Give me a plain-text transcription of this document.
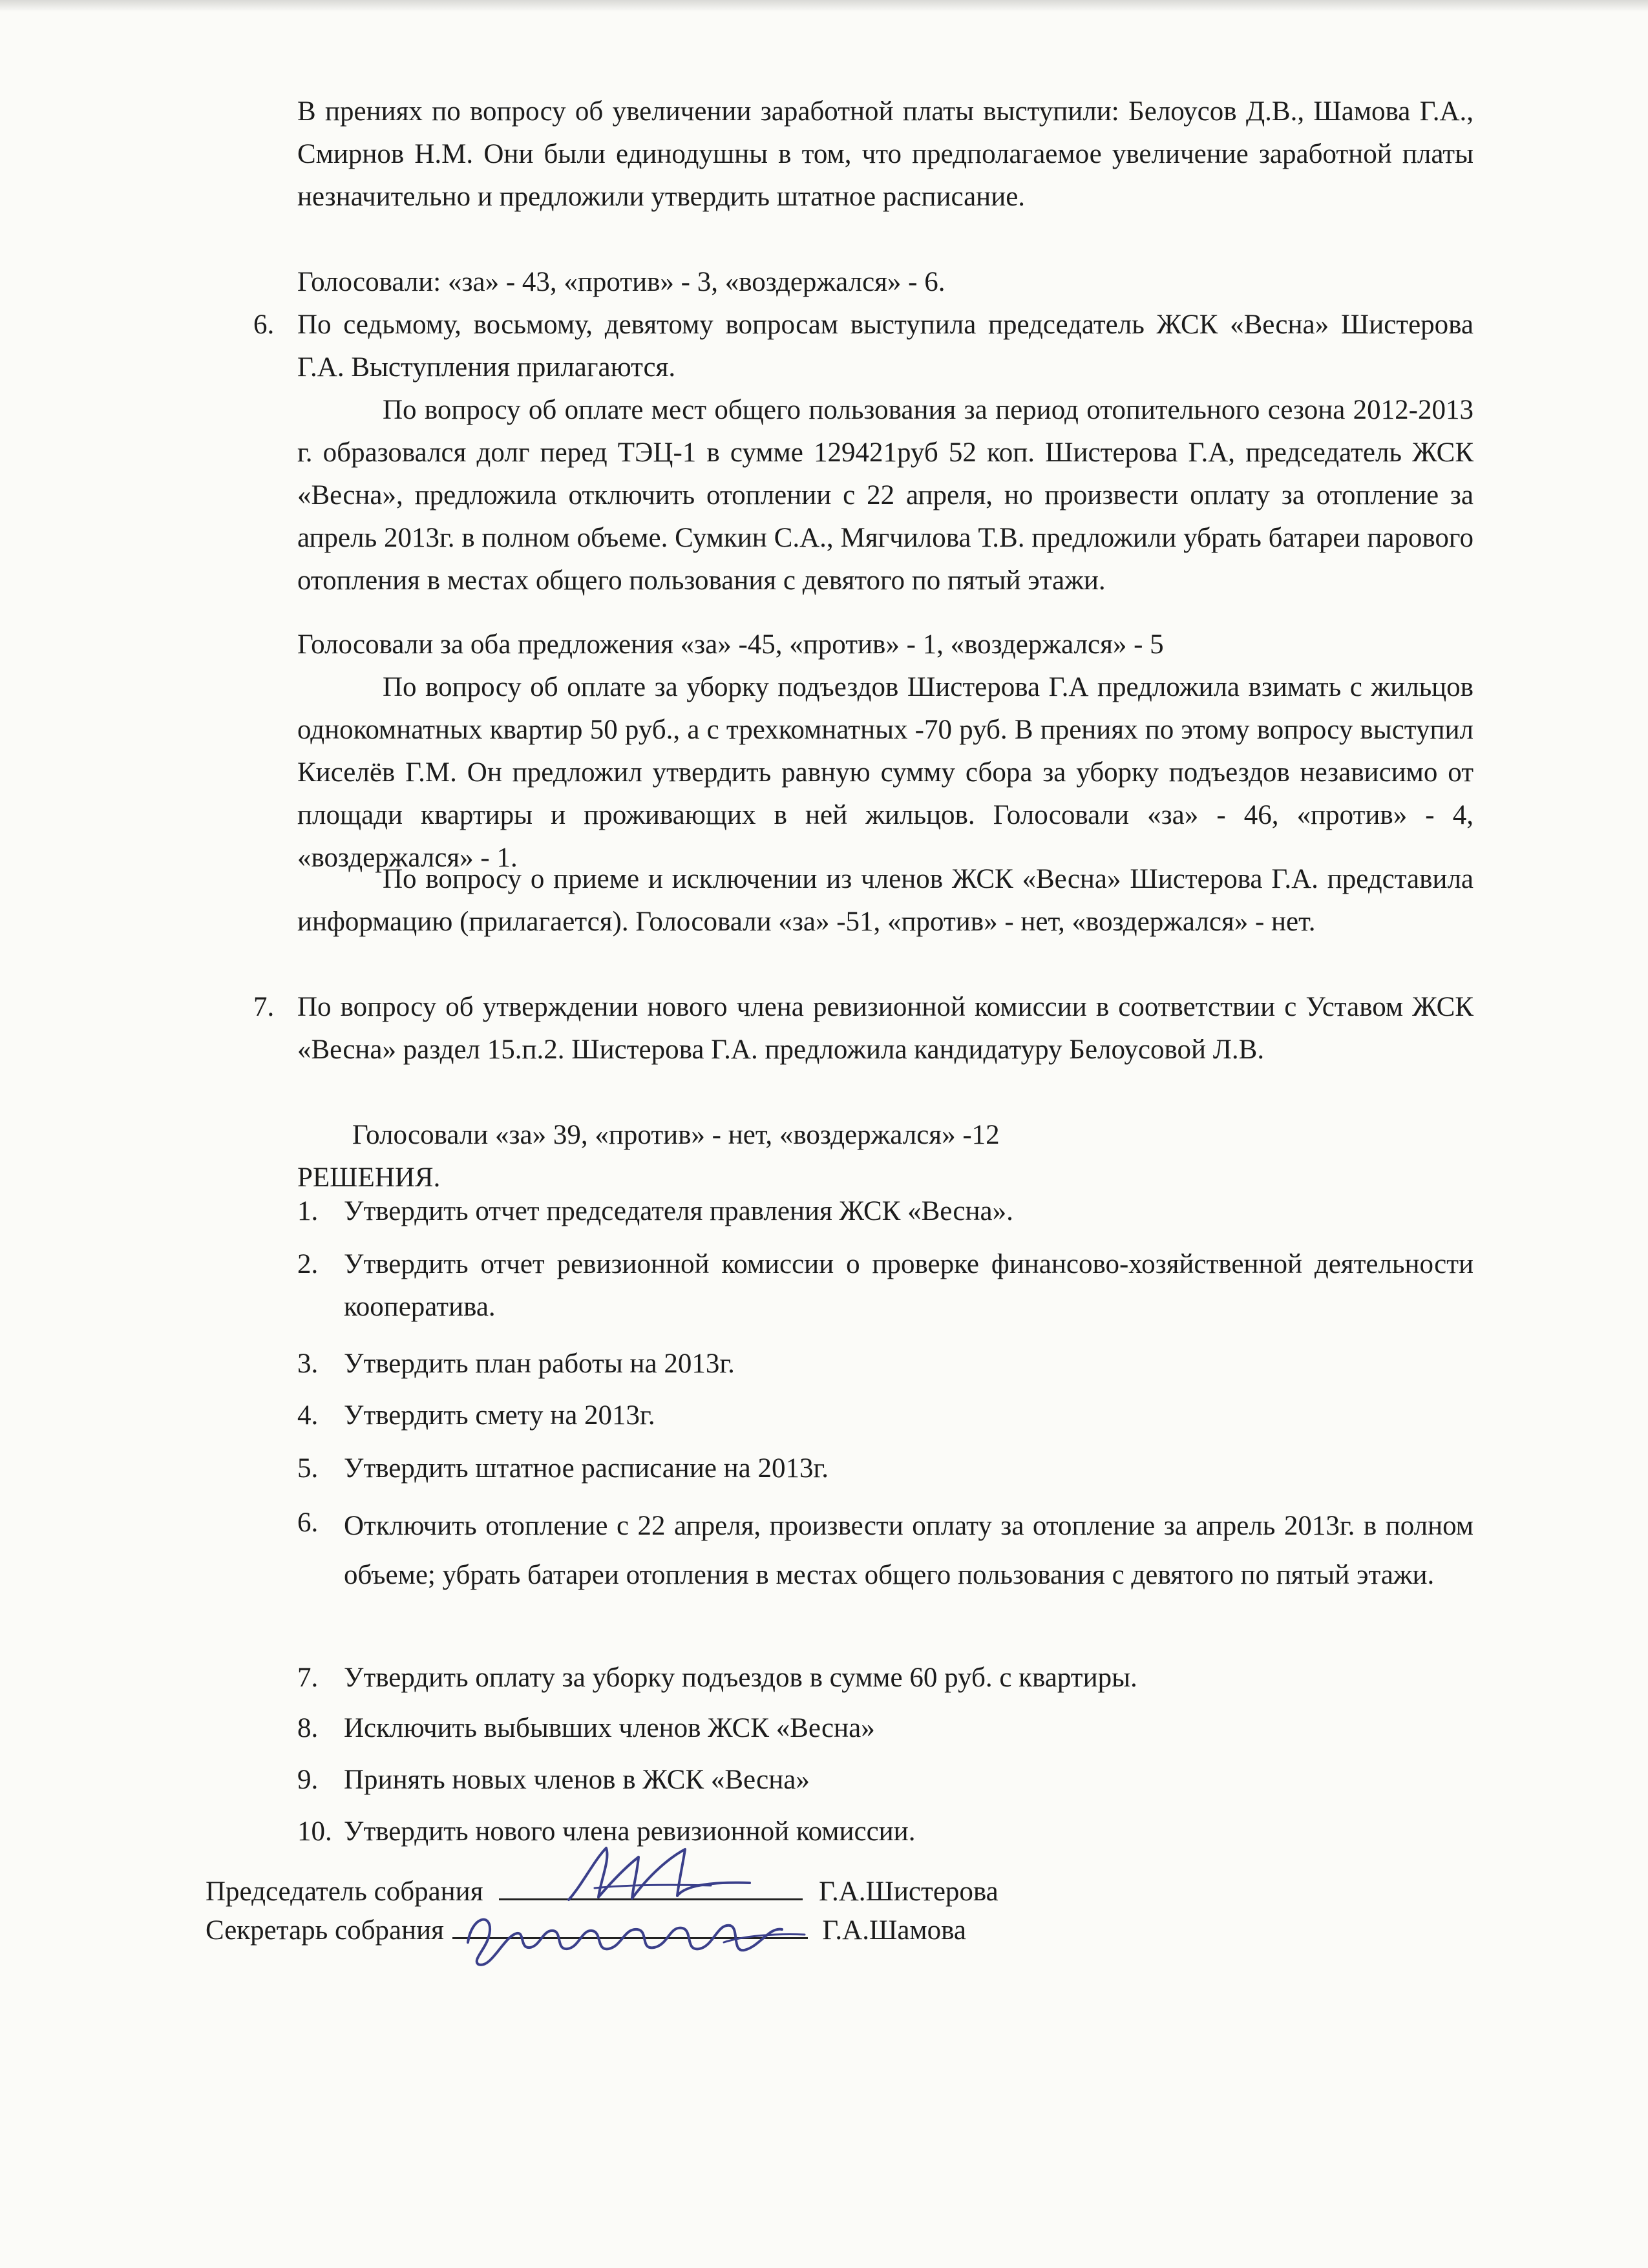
В прениях по вопросу об увеличении заработной платы выступили: Белоусов Д.В., Шамова Г.А., Смирнов Н.М. Они были единодушны в том, что предполагаемое увеличение заработной платы незначительно и предложили утвердить штатное расписание.

Голосовали: «за» - 43, «против» - 3, «воздержался» - 6.

6. По седьмому, восьмому, девятому вопросам выступила председатель ЖСК «Весна» Шистерова Г.А. Выступления прилагаются.

По вопросу об оплате мест общего пользования за период отопительного сезона 2012-2013 г. образовался долг перед ТЭЦ-1 в сумме 129421руб 52 коп. Шистерова Г.А, председатель ЖСК «Весна», предложила отключить отоплении с 22 апреля, но произвести оплату за отопление за апрель 2013г. в полном объеме. Сумкин С.А., Мягчилова Т.В. предложили убрать батареи парового отопления в местах общего пользования с девятого по пятый этажи.

Голосовали за оба предложения «за» -45, «против» - 1, «воздержался» - 5

По вопросу об оплате за уборку подъездов Шистерова Г.А предложила взимать с жильцов однокомнатных квартир 50 руб., а с трехкомнатных -70 руб. В прениях по этому вопросу выступил Киселёв Г.М. Он предложил утвердить равную сумму сбора за уборку подъездов независимо от площади квартиры и проживающих в ней жильцов. Голосовали «за» - 46, «против» - 4, «воздержался» - 1.

По вопросу о приеме и исключении из членов ЖСК «Весна» Шистерова Г.А. представила информацию (прилагается). Голосовали «за» -51, «против» - нет, «воздержался» - нет.

7. По вопросу об утверждении нового члена ревизионной комиссии в соответствии с Уставом ЖСК «Весна» раздел 15.п.2. Шистерова Г.А. предложила кандидатуру Белоусовой Л.В.

Голосовали «за» 39, «против» - нет, «воздержался» -12

РЕШЕНИЯ.

1. Утвердить отчет председателя правления ЖСК «Весна».

2. Утвердить отчет ревизионной комиссии о проверке финансово-хозяйственной деятельности кооператива.

3. Утвердить план работы на 2013г.

4. Утвердить смету на 2013г.

5. Утвердить штатное расписание на 2013г.

6. Отключить отопление с 22 апреля, произвести оплату за отопление за апрель 2013г. в полном объеме; убрать батареи отопления в местах общего пользования с девятого по пятый этажи.

7. Утвердить оплату за уборку подъездов в сумме 60 руб. с квартиры.

8. Исключить выбывших членов ЖСК «Весна»

9. Принять новых членов в ЖСК «Весна»

10. Утвердить нового члена ревизионной комиссии.

Председатель собрания	Г.А.Шистерова
Секретарь собрания	Г.А.Шамова
